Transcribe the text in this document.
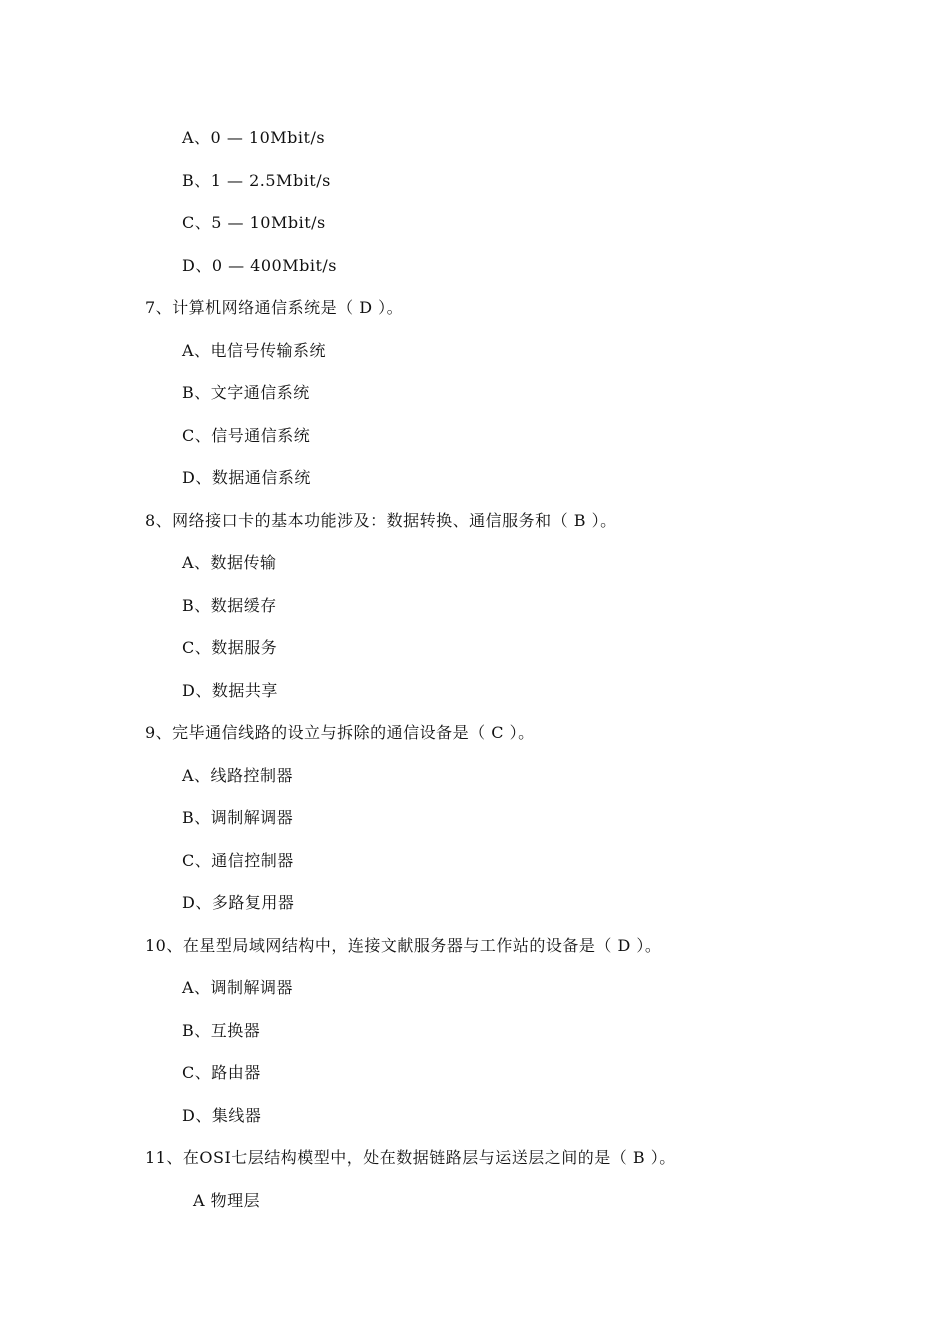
A、0 — 10Mbit/s
B、1 — 2.5Mbit/s
C、5 — 10Mbit/s
D、0 — 400Mbit/s
7、计算机网络通信系统是（ D ）。
A、电信号传输系统
B、文字通信系统
C、信号通信系统
D、数据通信系统
8、网络接口卡的基本功能涉及：数据转换、通信服务和（ B ）。
A、数据传输
B、数据缓存
C、数据服务
D、数据共享
9、完毕通信线路的设立与拆除的通信设备是（ C ）。
A、线路控制器
B、调制解调器
C、通信控制器
D、多路复用器
10、在星型局域网结构中，连接文献服务器与工作站的设备是（ D ）。
A、调制解调器
B、互换器
C、路由器
D、集线器
11、在OSI七层结构模型中，处在数据链路层与运送层之间的是（ B ）。
A 物理层
